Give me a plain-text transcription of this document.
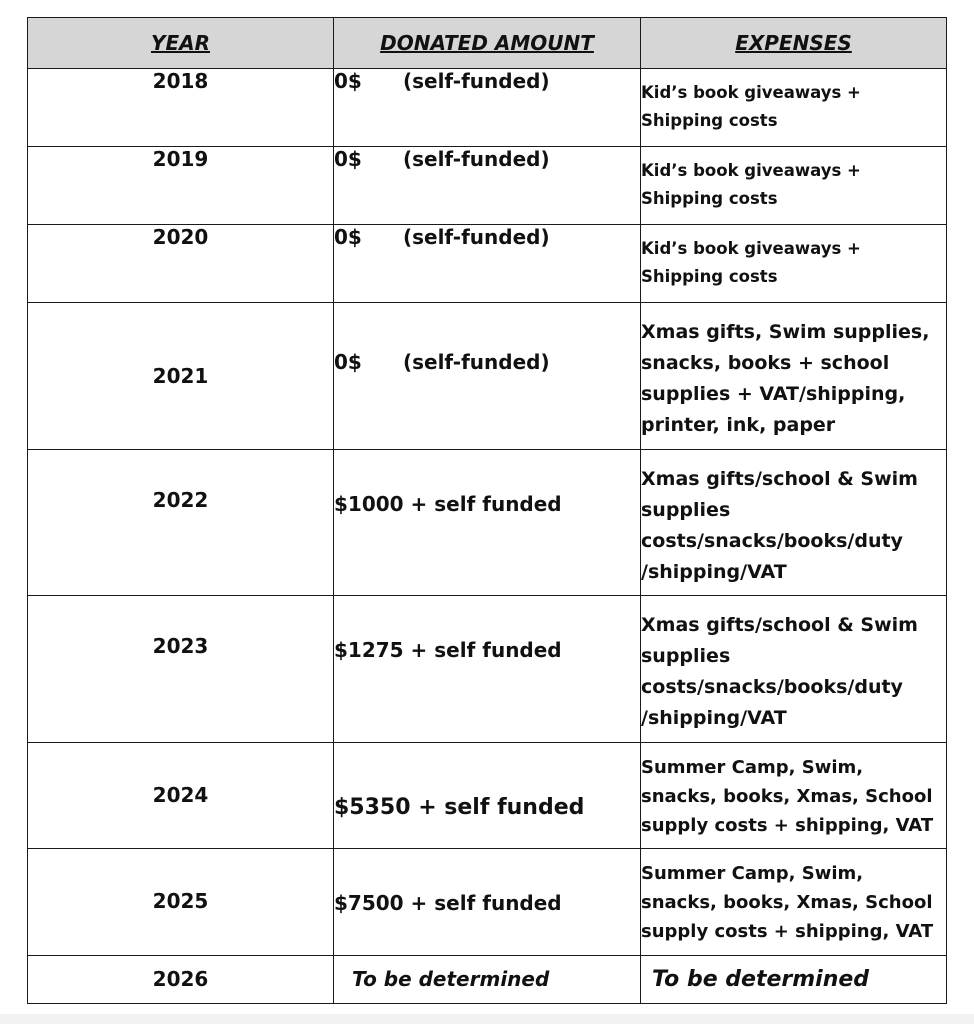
YEAR	DONATED AMOUNT	EXPENSES
2018	0$ (self-funded)	Kid’s book giveaways +
Shipping costs

2019	0$ (self-funded)	Kid’s book giveaways +
Shipping costs

2020	0$ (self-funded)	Kid’s book giveaways +
Shipping costs

2021	0$ (self-funded)	Xmas gifts, Swim supplies,
snacks, books + school
supplies + VAT/shipping,
printer, ink, paper

2022	$1000 + self funded	Xmas gifts/school & Swim
supplies
costs/snacks/books/duty
/shipping/VAT

2023	$1275 + self funded	Xmas gifts/school & Swim
supplies
costs/snacks/books/duty
/shipping/VAT

2024	$5350 + self funded	Summer Camp, Swim,
snacks, books, Xmas, School
supply costs + shipping, VAT

2025	$7500 + self funded	Summer Camp, Swim,
snacks, books, Xmas, School
supply costs + shipping, VAT

2026	To be determined	To be determined
